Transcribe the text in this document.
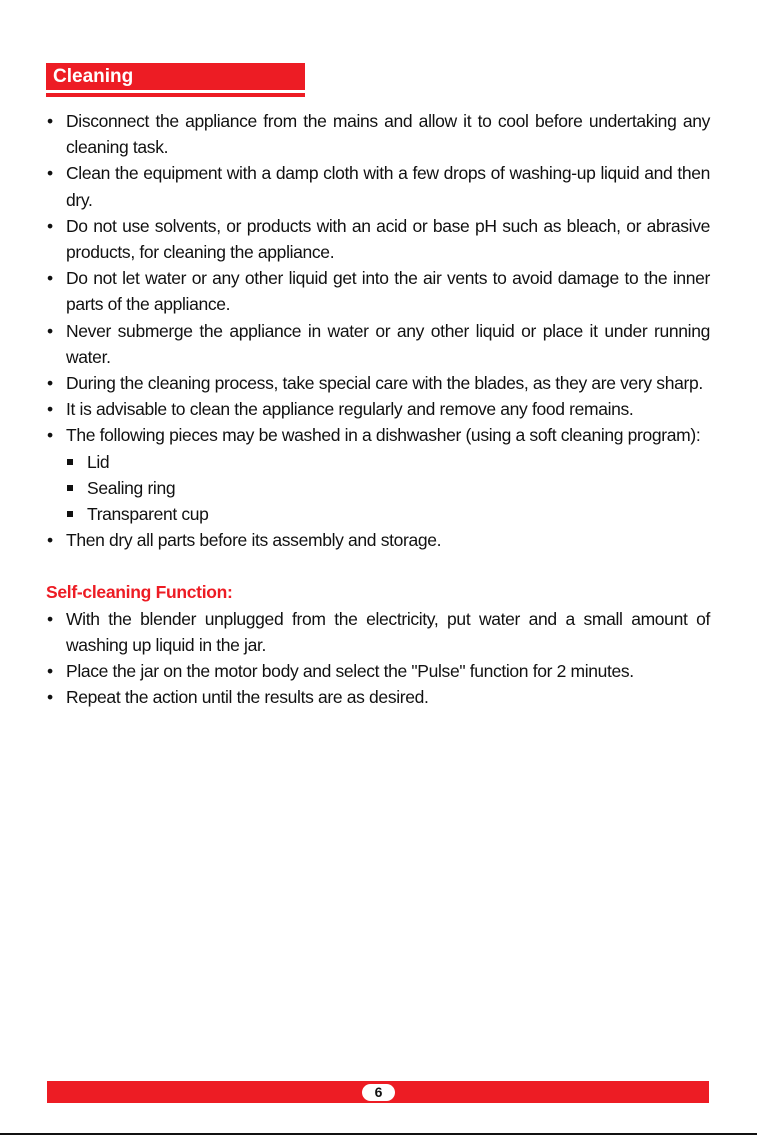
Cleaning
• Disconnect the appliance from the mains and allow it to cool before undertaking any cleaning task.
• Clean the equipment with a damp cloth with a few drops of washing-up liquid and then dry.
• Do not use solvents, or products with an acid or base pH such as bleach, or abrasive products, for cleaning the appliance.
• Do not let water or any other liquid get into the air vents to avoid damage to the inner parts of the appliance.
• Never submerge the appliance in water or any other liquid or place it under running water.
• During the cleaning process, take special care with the blades, as they are very sharp.
• It is advisable to clean the appliance regularly and remove any food remains.
• The following pieces may be washed in a dishwasher (using a soft cleaning program):
Lid
Sealing ring
Transparent cup
• Then dry all parts before its assembly and storage.
Self-cleaning Function:
• With the blender unplugged from the electricity, put water and a small amount of washing up liquid in the jar.
• Place the jar on the motor body and select the "Pulse" function for 2 minutes.
• Repeat the action until the results are as desired.
6
